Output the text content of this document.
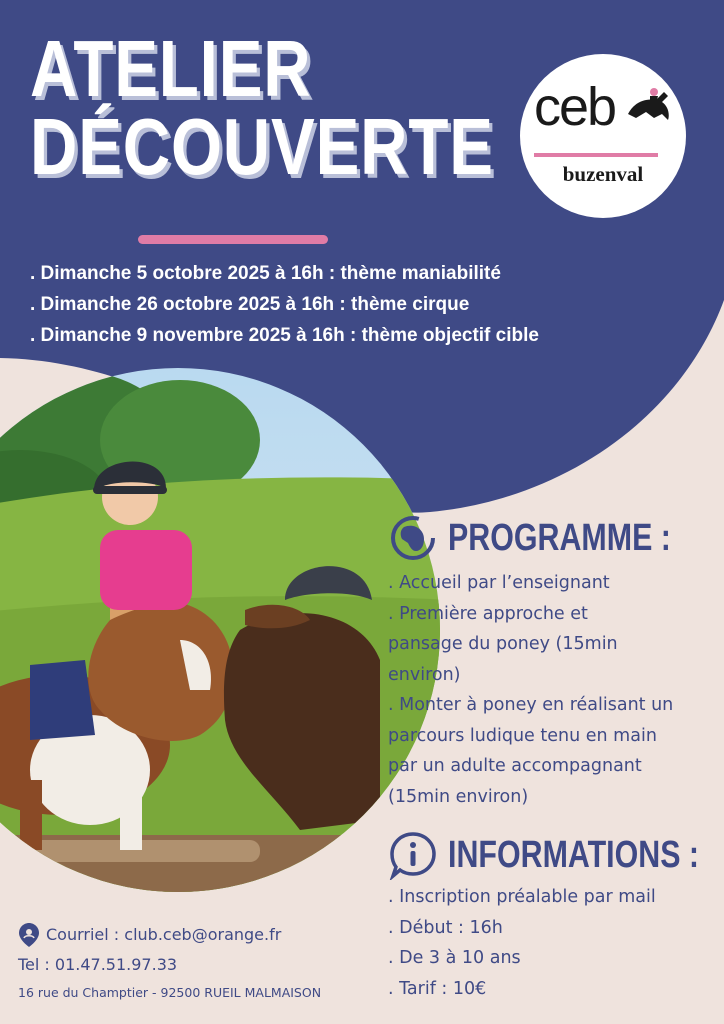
ATELIER
DÉCOUVERTE ceb
buzenval
. Dimanche 5 octobre 2025 à 16h : thème maniabilité
. Dimanche 26 octobre 2025 à 16h : thème cirque
. Dimanche 9 novembre 2025 à 16h : thème objectif cible
PROGRAMME :
. Accueil par l’enseignant
. Première approche et
pansage du poney (15min
environ)
. Monter à poney en réalisant un
parcours ludique tenu en main
par un adulte accompagnant
(15min environ)
INFORMATIONS :
. Inscription préalable par mail
. Début : 16h
. De 3 à 10 ans
. Tarif : 10€
Courriel : club.ceb@orange.fr
Tel : 01.47.51.97.33
16 rue du Champtier - 92500 RUEIL MALMAISON
